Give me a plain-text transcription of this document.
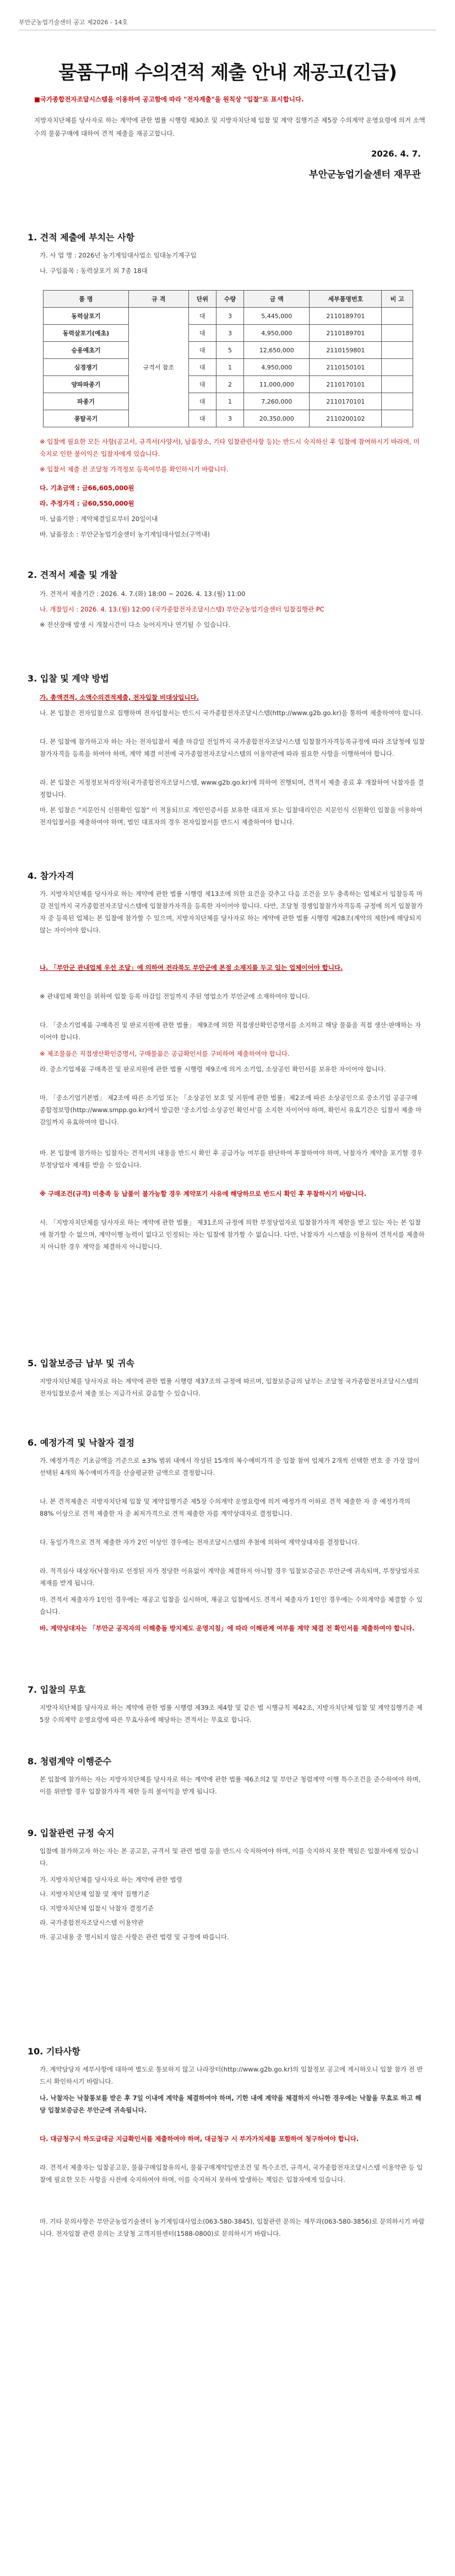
부안군농업기술센터 공고 제2026 - 14호
물품구매 수의견적 제출 안내 재공고(긴급)
■국가종합전자조달시스템을 이용하여 공고함에 따라 "전자계출"을 원칙상 "입찰"로 표시합니다.
지방자치단체를 당사자로 하는 계약에 관한 법률 시행령 제30조 및 지방자치단체 입찰 및 계약 집행기준 제5장 수의계약 운영요령에 의거 소액수의 물품구매에 대하여 견적 제출을 재공고합니다.
2026. 4. 7.
부안군농업기술센터 재무관
1. 견적 제출에 부치는 사항
가. 사 업 명 : 2026년 농기계임대사업소 임대농기계구입
나. 구입품목 : 동력살포기 외 7종 18대
품 명	규 격	단위	수량	금 액	세부품명번호	비 고
동력살포기	규격서 참조	대	3	5,445,000	2110189701	
동력살포기(예초)		대	3	4,950,000	2110189701	
승용예초기		대	5	12,650,000	2110159801	
심경쟁기		대	1	4,950,000	2110150101	
양파파종기		대	2	11,000,000	2110170101	
파종기		대	1	7,260,000	2110170101	
콩탈곡기		대	3	20,350,000	2110200102	
※ 입찰에 필요한 모든 사항(공고서, 규격서(사양서), 납품장소, 기타 입찰관련사항 등)는 반드시 숙지하신 후 입찰에 참여하시기 바라며, 미숙지로 인한 불이익은 입찰자에게 있습니다.
※ 입찰서 제출 전 조달청 가격정보 등록여부를 확인하시기 바랍니다.
다. 기초금액 : 금66,605,000원
라. 추정가격 : 금60,550,000원
마. 납품기한 : 계약체결일로부터 20일이내
바. 납품장소 : 부안군농업기술센터 농기계임대사업소(구역내)
2. 견적서 제출 및 개찰
가. 견적서 제출기간 : 2026. 4. 7.(화) 18:00 ~ 2026. 4. 13.(월) 11:00
나. 개찰일시 : 2026. 4. 13.(월) 12:00 (국가종합전자조달시스템) 부안군농업기술센터 입찰집행관 PC
※ 전산장애 발생 시 개찰시간이 다소 늦어지거나 연기될 수 있습니다.
3. 입찰 및 계약 방법
가. 총액견적, 소액수의견적제출, 전자입찰 비대상입니다.
나. 본 입찰은 전자입찰으로 집행하며 전자입찰서는 반드시 국가종합전자조달시스템(http://www.g2b.go.kr)을 통하여 제출하여야 합니다.
다. 본 입찰에 참가하고자 하는 자는 전자입찰서 제출 마감일 전일까지 국가종합전자조달시스템 입찰참가자격등록규정에 따라 조달청에 입찰참가자격을 등록을 하여야 하며, 계약 체결 이전에 국가종합전자조달시스템의 이용약관에 따라 필요한 사항을 이행하여야 합니다.
라. 본 입찰은 지정정보처리장치(국가종합전자조달시스템, www.g2b.go.kr)에 의하여 진행되며, 견적서 제출 종료 후 개찰하여 낙찰자를 결정합니다.
마. 본 입찰은 "지문인식 신원확인 입찰" 이 적용되므로 개인인증서를 보유한 대표자 또는 입찰대리인은 지문인식 신원확인 입찰을 이용하여 전자입찰서를 제출하여야 하며, 법인 대표자의 경우 전자입찰서를 반드시 제출하여야 합니다.
4. 참가자격
가. 지방자치단체를 당사자로 하는 계약에 관한 법률 시행령 제13조에 의한 요건을 갖추고 다음 조건을 모두 충족하는 업체로서 입찰등록 마감 전일까지 국가종합전자조달시스템에 입찰참가자격을 등록한 자이어야 합니다. 다만, 조달청 경쟁입찰참가자격등록 규정에 의거 입찰참가자 중 등록된 업체는 본 입찰에 참가할 수 있으며, 지방자치단체를 당사자로 하는 계약에 관한 법률 시행령 제28조(계약의 제한)에 해당되지 않는 자이어야 합니다.
나. 「부안군 관내업체 우선 조달」에 의하여 전라북도 부안군에 본점 소재지를 두고 있는 업체이어야 합니다.
※ 관내업체 확인을 위하여 입찰 등록 마감일 전일까지 주된 영업소가 부안군에 소재하여야 합니다.
다. 「중소기업제품 구매촉진 및 판로지원에 관한 법률」 제9조에 의한 직접생산확인증명서를 소지하고 해당 물품을 직접 생산·판매하는 자이어야 합니다.
※ 제조물품은 직접생산확인증명서, 구매물품은 공급확인서를 구비하여 제출하여야 합니다.
라. 중소기업제품 구매촉진 및 판로지원에 관한 법률 시행령 제9조에 의거 소기업, 소상공인 확인서를 보유한 자이어야 합니다.
마. 「중소기업기본법」 제2조에 따른 소기업 또는 「소상공인 보호 및 지원에 관한 법률」제2조에 따른 소상공인으로 중소기업 공공구매 종합정보망(http://www.smpp.go.kr)에서 발급한 '중소기업·소상공인 확인서'를 소지한 자이어야 하며, 확인서 유효기간은 입찰서 제출 마감일까지 유효하여야 합니다.
바. 본 입찰에 참가하는 입찰자는 견적서의 내용을 반드시 확인 후 공급가능 여부를 판단하여 투찰하여야 하며, 낙찰자가 계약을 포기할 경우 부정당업자 제재를 받을 수 있습니다.
※ 구매조건(규격) 미충족 등 납품이 불가능할 경우 계약포기 사유에 해당하므로 반드시 확인 후 투찰하시기 바랍니다.
사. 「지방자치단체를 당사자로 하는 계약에 관한 법률」 제31조의 규정에 의한 부정당업자로 입찰참가자격 제한을 받고 있는 자는 본 입찰에 참가할 수 없으며, 계약이행 능력이 없다고 인정되는 자는 입찰에 참가할 수 없습니다. 다만, 낙찰자가 시스템을 이용하여 견적서를 제출하지 아니한 경우 계약을 체결하지 아니합니다.
5. 입찰보증금 납부 및 귀속
지방자치단체를 당사자로 하는 계약에 관한 법률 시행령 제37조의 규정에 따르며, 입찰보증금의 납부는 조달청 국가종합전자조달시스템의 전자입찰보증서 제출 또는 지급각서로 갈음할 수 있습니다.
6. 예정가격 및 낙찰자 결정
가. 예정가격은 기초금액을 기준으로 ±3% 범위 내에서 작성된 15개의 복수예비가격 중 입찰 참여 업체가 2개씩 선택한 번호 중 가장 많이 선택된 4개의 복수예비가격을 산술평균한 금액으로 결정합니다.
나. 본 견적제출은 지방자치단체 입찰 및 계약집행기준 제5장 수의계약 운영요령에 의거 예정가격 이하로 견적 제출한 자 중 예정가격의 88% 이상으로 견적 제출한 자 중 최저가격으로 견적 제출한 자를 계약상대자로 결정합니다.
다. 동일가격으로 견적 제출한 자가 2인 이상인 경우에는 전자조달시스템의 추첨에 의하여 계약상대자를 결정합니다.
라. 적격심사 대상자(낙찰자)로 선정된 자가 정당한 이유없이 계약을 체결하지 아니할 경우 입찰보증금은 부안군에 귀속되며, 부정당업자로 제재를 받게 됩니다.
마. 견적서 제출자가 1인인 경우에는 재공고 입찰을 실시하며, 재공고 입찰에서도 견적서 제출자가 1인인 경우에는 수의계약을 체결할 수 있습니다.
바. 계약상대자는 「부안군 공직자의 이해충돌 방지제도 운영지침」에 따라 이해관계 여부를 계약 체결 전 확인서를 제출하여야 합니다.
7. 입찰의 무효
지방자치단체를 당사자로 하는 계약에 관한 법률 시행령 제39조 제4항 및 같은 법 시행규칙 제42조, 지방자치단체 입찰 및 계약집행기준 제5장 수의계약 운영요령에 따른 무효사유에 해당하는 견적서는 무효로 합니다.
8. 청렴계약 이행준수
본 입찰에 참가하는 자는 지방자치단체를 당사자로 하는 계약에 관한 법률 제6조의2 및 부안군 청렴계약 이행 특수조건을 준수하여야 하며, 이를 위반할 경우 입찰참가자격 제한 등의 불이익을 받게 됩니다.
9. 입찰관련 규정 숙지
입찰에 참가하고자 하는 자는 본 공고문, 규격서 및 관련 법령 등을 반드시 숙지하여야 하며, 이를 숙지하지 못한 책임은 입찰자에게 있습니다.
가. 지방자치단체를 당사자로 하는 계약에 관한 법령
나. 지방자치단체 입찰 및 계약 집행기준
다. 지방자치단체 입찰시 낙찰자 결정기준
라. 국가종합전자조달시스템 이용약관
마. 공고내용 중 명시되지 않은 사항은 관련 법령 및 규정에 따릅니다.
10. 기타사항
가. 계약담당자 세부사항에 대하여 별도로 통보하지 않고 나라장터(http://www.g2b.go.kr)의 입찰정보 공고에 게시하오니 입찰 참가 전 반드시 확인하시기 바랍니다.
나. 낙찰자는 낙찰통보를 받은 후 7일 이내에 계약을 체결하여야 하며, 기한 내에 계약을 체결하지 아니한 경우에는 낙찰을 무효로 하고 해당 입찰보증금은 부안군에 귀속됩니다.
다. 대금청구시 하도급대금 지급확인서를 제출하여야 하며, 대금청구 시 부가가치세를 포함하여 청구하여야 합니다.
라. 견적서 제출자는 입찰공고문, 물품구매입찰유의서, 물품구매계약일반조건 및 특수조건, 규격서, 국가종합전자조달시스템 이용약관 등 입찰에 필요한 모든 사항을 사전에 숙지하여야 하며, 이를 숙지하지 못하여 발생하는 책임은 입찰자에게 있습니다.
마. 기타 문의사항은 부안군농업기술센터 농기계임대사업소(063-580-3845), 입찰관련 문의는 재무과(063-580-3856)로 문의하시기 바랍니다. 전자입찰 관련 문의는 조달청 고객지원센터(1588-0800)로 문의하시기 바랍니다.
